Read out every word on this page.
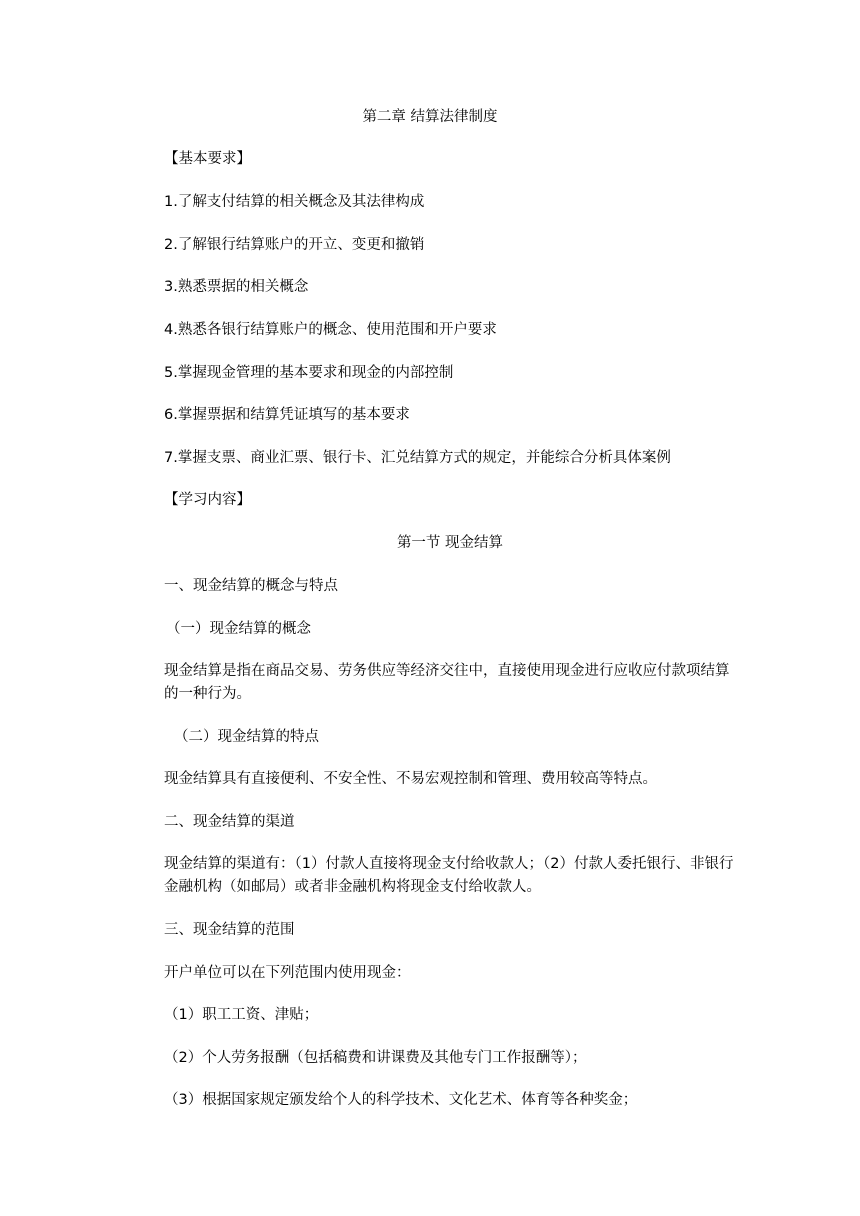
第二章 结算法律制度
【基本要求】
1.了解支付结算的相关概念及其法律构成
2.了解银行结算账户的开立、变更和撤销
3.熟悉票据的相关概念
4.熟悉各银行结算账户的概念、使用范围和开户要求
5.掌握现金管理的基本要求和现金的内部控制
6.掌握票据和结算凭证填写的基本要求
7.掌握支票、商业汇票、银行卡、汇兑结算方式的规定，并能综合分析具体案例
【学习内容】
第一节 现金结算
一、现金结算的概念与特点
（一）现金结算的概念
现金结算是指在商品交易、劳务供应等经济交往中，直接使用现金进行应收应付款项结算的一种行为。
（二）现金结算的特点
现金结算具有直接便利、不安全性、不易宏观控制和管理、费用较高等特点。
二、现金结算的渠道
现金结算的渠道有：（1）付款人直接将现金支付给收款人；（2）付款人委托银行、非银行金融机构（如邮局）或者非金融机构将现金支付给收款人。
三、现金结算的范围
开户单位可以在下列范围内使用现金：
（1）职工工资、津贴；
（2）个人劳务报酬（包括稿费和讲课费及其他专门工作报酬等）；
（3）根据国家规定颁发给个人的科学技术、文化艺术、体育等各种奖金；
